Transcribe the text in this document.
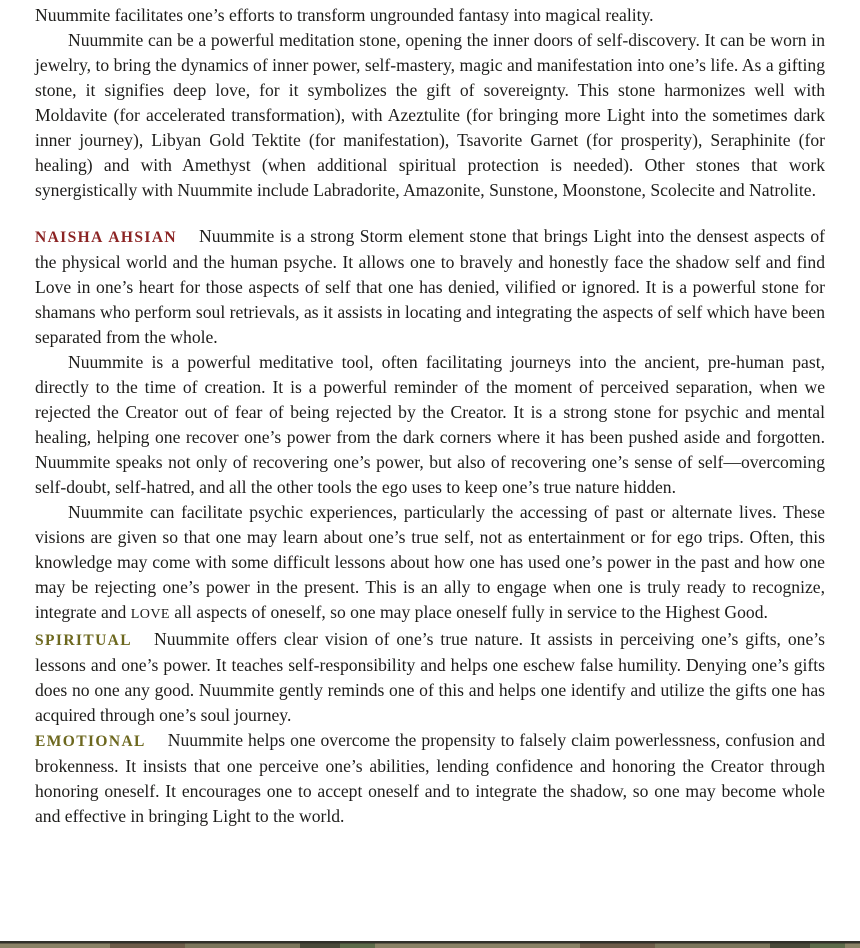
Nuummite facilitates one’s efforts to transform ungrounded fantasy into magical reality.

Nuummite can be a powerful meditation stone, opening the inner doors of self-discovery. It can be worn in jewelry, to bring the dynamics of inner power, self-mastery, magic and manifestation into one’s life. As a gifting stone, it signifies deep love, for it symbolizes the gift of sovereignty. This stone harmonizes well with Moldavite (for accelerated transformation), with Azeztulite (for bringing more Light into the sometimes dark inner journey), Libyan Gold Tektite (for manifestation), Tsavorite Garnet (for prosperity), Seraphinite (for healing) and with Amethyst (when additional spiritual protection is needed). Other stones that work synergistically with Nuummite include Labradorite, Amazonite, Sunstone, Moonstone, Scolecite and Natrolite.

NAISHA AHSIAN Nuummite is a strong Storm element stone that brings Light into the densest aspects of the physical world and the human psyche. It allows one to bravely and honestly face the shadow self and find Love in one’s heart for those aspects of self that one has denied, vilified or ignored. It is a powerful stone for shamans who perform soul retrievals, as it assists in locating and integrating the aspects of self which have been separated from the whole.

Nuummite is a powerful meditative tool, often facilitating journeys into the ancient, pre-human past, directly to the time of creation. It is a powerful reminder of the moment of perceived separation, when we rejected the Creator out of fear of being rejected by the Creator. It is a strong stone for psychic and mental healing, helping one recover one’s power from the dark corners where it has been pushed aside and forgotten. Nuummite speaks not only of recovering one’s power, but also of recovering one’s sense of self—overcoming self-doubt, self-hatred, and all the other tools the ego uses to keep one’s true nature hidden.

Nuummite can facilitate psychic experiences, particularly the accessing of past or alternate lives. These visions are given so that one may learn about one’s true self, not as entertainment or for ego trips. Often, this knowledge may come with some difficult lessons about how one has used one’s power in the past and how one may be rejecting one’s power in the present. This is an ally to engage when one is truly ready to recognize, integrate and LOVE all aspects of oneself, so one may place oneself fully in service to the Highest Good.

SPIRITUAL Nuummite offers clear vision of one’s true nature. It assists in perceiving one’s gifts, one’s lessons and one’s power. It teaches self-responsibility and helps one eschew false humility. Denying one’s gifts does no one any good. Nuummite gently reminds one of this and helps one identify and utilize the gifts one has acquired through one’s soul journey.

EMOTIONAL Nuummite helps one overcome the propensity to falsely claim powerlessness, confusion and brokenness. It insists that one perceive one’s abilities, lending confidence and honoring the Creator through honoring oneself. It encourages one to accept oneself and to integrate the shadow, so one may become whole and effective in bringing Light to the world.
